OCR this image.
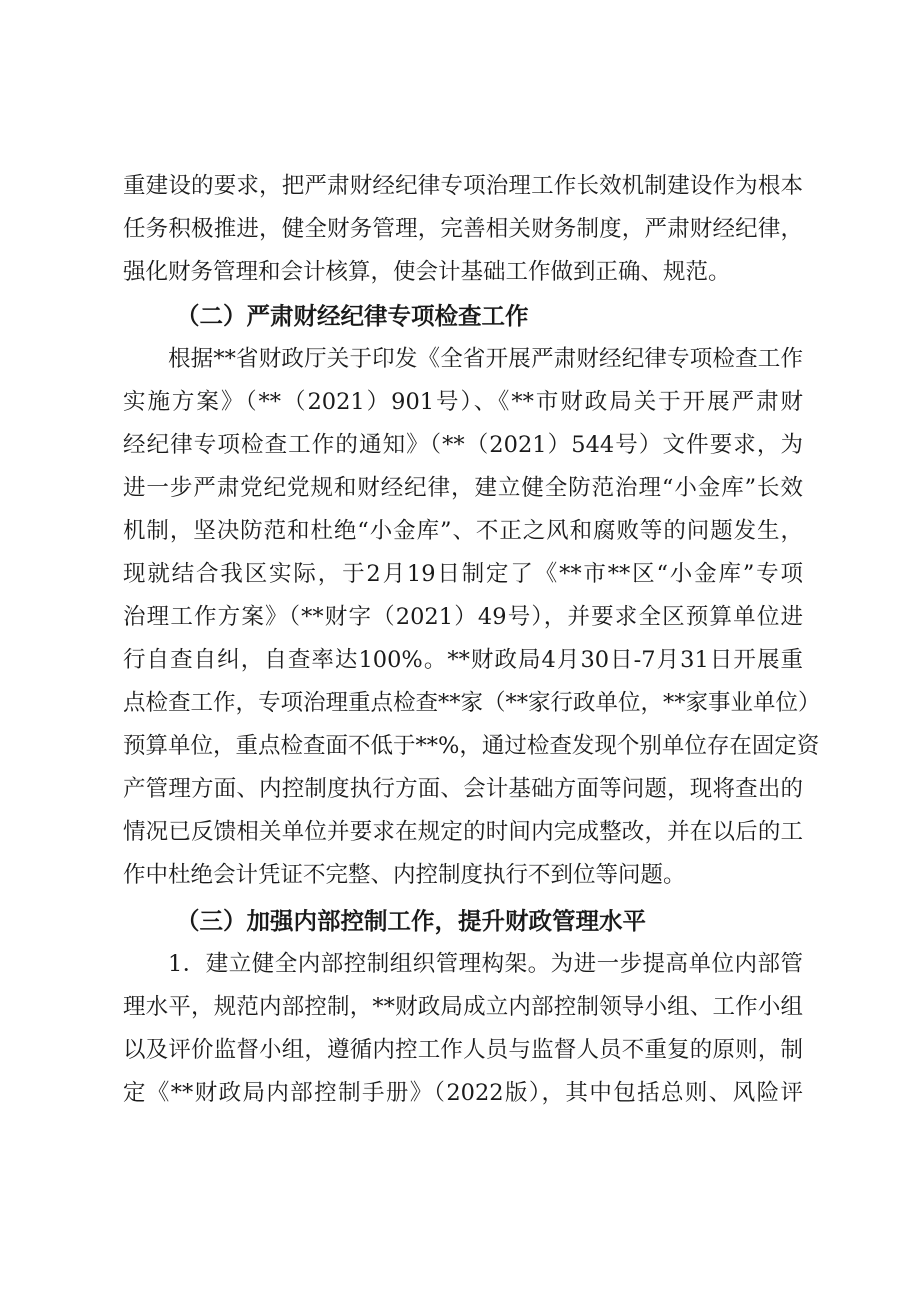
重建设的要求，把严肃财经纪律专项治理工作长效机制建设作为根本
任务积极推进，健全财务管理，完善相关财务制度，严肃财经纪律，
强化财务管理和会计核算，使会计基础工作做到正确、规范。
（二）严肃财经纪律专项检查工作
根据**省财政厅关于印发《全省开展严肃财经纪律专项检查工作
实施方案》（**（2021）901号）、《**市财政局关于开展严肃财
经纪律专项检查工作的通知》（**（2021）544号）文件要求，为
进一步严肃党纪党规和财经纪律，建立健全防范治理“小金库”长效
机制，坚决防范和杜绝“小金库”、不正之风和腐败等的问题发生，
现就结合我区实际，于2月19日制定了《**市**区“小金库”专项
治理工作方案》（**财字（2021）49号），并要求全区预算单位进
行自查自纠，自查率达100%。**财政局4月30日-7月31日开展重
点检查工作，专项治理重点检查**家（**家行政单位，**家事业单位）
预算单位，重点检查面不低于**%，通过检查发现个别单位存在固定资
产管理方面、内控制度执行方面、会计基础方面等问题，现将查出的
情况已反馈相关单位并要求在规定的时间内完成整改，并在以后的工
作中杜绝会计凭证不完整、内控制度执行不到位等问题。
（三）加强内部控制工作，提升财政管理水平
1．建立健全内部控制组织管理构架。为进一步提高单位内部管
理水平，规范内部控制，**财政局成立内部控制领导小组、工作小组
以及评价监督小组，遵循内控工作人员与监督人员不重复的原则，制
定《**财政局内部控制手册》（2022版），其中包括总则、风险评
